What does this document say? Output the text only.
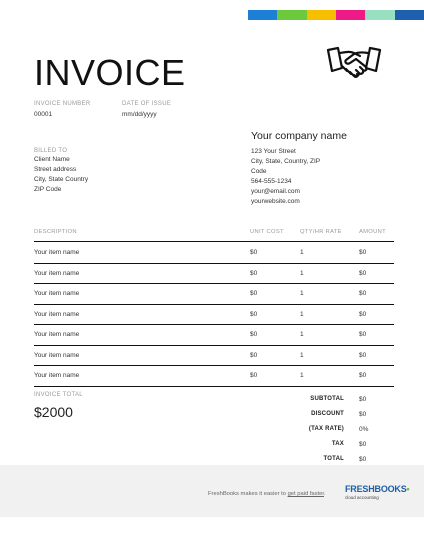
INVOICE
INVOICE NUMBER
00001
DATE OF ISSUE
mm/dd/yyyy
Your company name
123 Your Street
City, State, Country, ZIP
Code
564-555-1234
your@email.com
yourwebsite.com
BILLED TO
Client Name
Street address
City, State Country
ZIP Code
DESCRIPTION	UNIT COST	QTY/HR RATE	AMOUNT
Your item name	$0	1	$0
Your item name	$0	1	$0
Your item name	$0	1	$0
Your item name	$0	1	$0
Your item name	$0	1	$0
Your item name	$0	1	$0
Your item name	$0	1	$0
INVOICE TOTAL
$2000
SUBTOTAL $0
DISCOUNT $0
(TAX RATE) 0%
TAX $0
TOTAL $0
FreshBooks makes it easier to get paid faster. FRESHBOOKS•
cloud accounting
